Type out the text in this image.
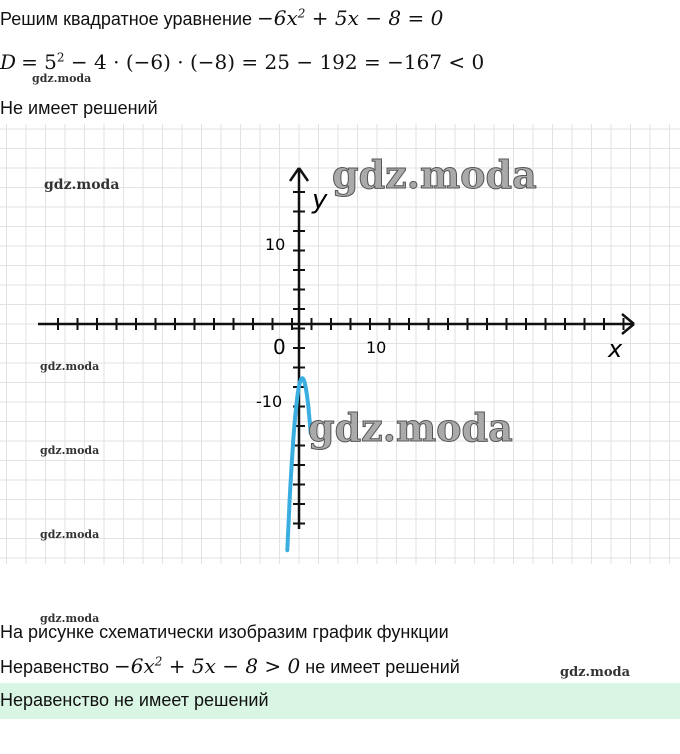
Решим квадратное уравнение $-6x^2 + 5x - 8 = 0$
$D = 5^2 - 4 \cdot (-6) \cdot (-8) = 25 - 192 = -167 < 0$
gdz.moda
Не имеет решений
x
y
0	10
10
-10
gdz.moda
gdz.moda
gdz.moda
gdz.moda
gdz.moda
gdz.moda
gdz.moda
На рисунке схематически изобразим график функции
Неравенство $-6x^2 + 5x - 8 > 0$ не имеет решений	gdz.moda
Неравенство не имеет решений
